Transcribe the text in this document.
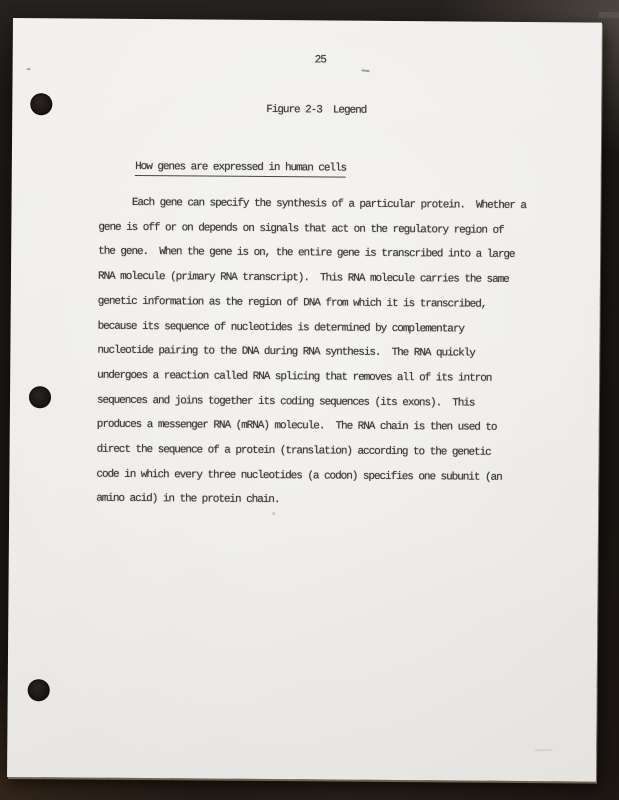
25
Figure 2-3  Legend

How genes are expressed in human cells

Each gene can specify the synthesis of a particular protein.  Whether a
gene is off or on depends on signals that act on the regulatory region of
the gene.  When the gene is on, the entire gene is transcribed into a large
RNA molecule (primary RNA transcript).  This RNA molecule carries the same
genetic information as the region of DNA from which it is transcribed,
because its sequence of nucleotides is determined by complementary
nucleotide pairing to the DNA during RNA synthesis.  The RNA quickly
undergoes a reaction called RNA splicing that removes all of its intron
sequences and joins together its coding sequences (its exons).  This
produces a messenger RNA (mRNA) molecule.  The RNA chain is then used to
direct the sequence of a protein (translation) according to the genetic
code in which every three nucleotides (a codon) specifies one subunit (an
amino acid) in the protein chain.
